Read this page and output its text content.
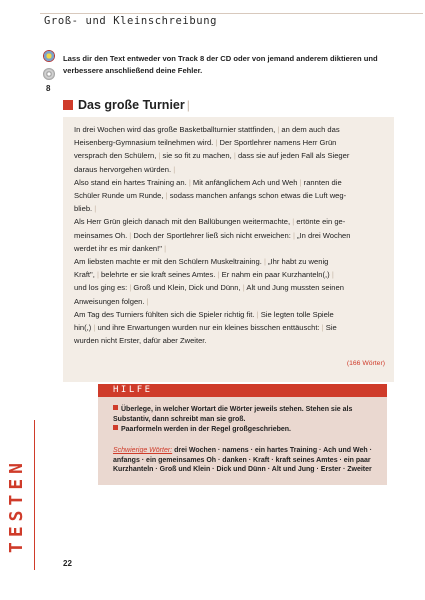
Groß- und Kleinschreibung
8
Lass dir den Text entweder von Track 8 der CD oder von jemand anderem diktieren und verbessere anschließend deine Fehler.
Das große Turnier |

In drei Wochen wird das große Basketballturnier stattfinden, | an dem auch das

Heisenberg-Gymnasium teilnehmen wird. | Der Sportlehrer namens Herr Grün

versprach den Schülern, | sie so fit zu machen, | dass sie auf jeden Fall als Sieger

daraus hervorgehen würden. |

Also stand ein hartes Training an. | Mit anfänglichem Ach und Weh | rannten die

Schüler Runde um Runde, | sodass manchen anfangs schon etwas die Luft weg-

blieb. |

Als Herr Grün gleich danach mit den Ballübungen weitermachte, | ertönte ein ge-

meinsames Oh. | Doch der Sportlehrer ließ sich nicht erweichen: | „In drei Wochen

werdet ihr es mir danken!" |

Am liebsten machte er mit den Schülern Muskeltraining. | „Ihr habt zu wenig

Kraft", | belehrte er sie kraft seines Amtes. | Er nahm ein paar Kurzhanteln(,) |

und los ging es: | Groß und Klein, Dick und Dünn, | Alt und Jung mussten seinen

Anweisungen folgen. |

Am Tag des Turniers fühlten sich die Spieler richtig fit. | Sie legten tolle Spiele

hin(,) | und ihre Erwartungen wurden nur ein kleines bisschen enttäuscht: | Sie

wurden nicht Erster, dafür aber Zweiter.

(166 Wörter)
HILFE
Überlege, in welcher Wortart die Wörter jeweils stehen. Stehen sie als Substantiv, dann schreibt man sie groß.
Paarformeln werden in der Regel großgeschrieben.
Schwierige Wörter: drei Wochen · namens · ein hartes Training · Ach und Weh · anfangs · ein gemeinsames Oh · danken · Kraft · kraft seines Amtes · ein paar Kurzhanteln · Groß und Klein · Dick und Dünn · Alt und Jung · Erster · Zweiter
TESTEN
22
